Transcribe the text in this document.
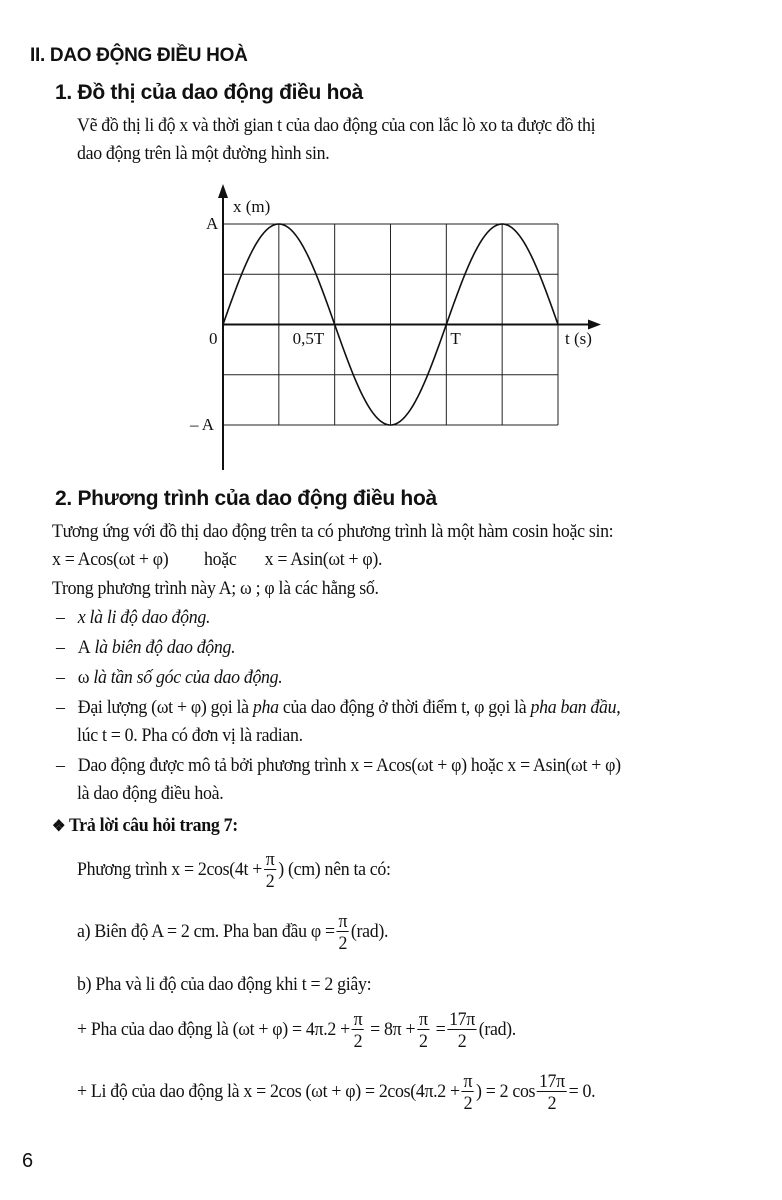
II. DAO ĐỘNG ĐIỀU HOÀ
1. Đồ thị của dao động điều hoà
Vẽ đồ thị li độ x và thời gian t của dao động của con lắc lò xo ta được đồ thị
dao động trên là một đường hình sin.
x (m)
t (s)
0	0,5T	T
A
– A
2. Phương trình của dao động điều hoà
Tương ứng với đồ thị dao động trên ta có phương trình là một hàm cosin hoặc sin:
x = Acos(ωt + φ) hoặc x = Asin(ωt + φ).
Trong phương trình này A; ω ; φ là các hằng số.
– x là li độ dao động.
– A là biên độ dao động.
– ω là tần số góc của dao động.
– Đại lượng (ωt + φ) gọi là pha của dao động ở thời điểm t, φ gọi là pha ban đầu,
lúc t = 0. Pha có đơn vị là radian.
– Dao động được mô tả bởi phương trình x = Acos(ωt + φ) hoặc x = Asin(ωt + φ)
là dao động điều hoà.
❖ Trả lời câu hỏi trang 7:
Phương trình $x = 2\cos(4t + \frac{\pi}{2}$ ) (cm) nên ta có:
a) Biên độ A = 2 cm. Pha ban đầu $\varphi = \frac{\pi}{2} (rad)$.
b) Pha và li độ của dao động khi t = 2 giây:
+ Pha của dao động là $(\omega t + \varphi) = 4\pi.2 + \frac{\pi}{2} = 8\pi + \frac{\pi}{2} = \frac{17\pi}{2} (rad)$.
+ Li độ của dao động là x = 2cos $(\omega t + \varphi) = 2\cos(4\pi.2 + \frac{\pi}{2}$ ) = 2 $\cos \frac{17\pi}{2} = 0$.
6
